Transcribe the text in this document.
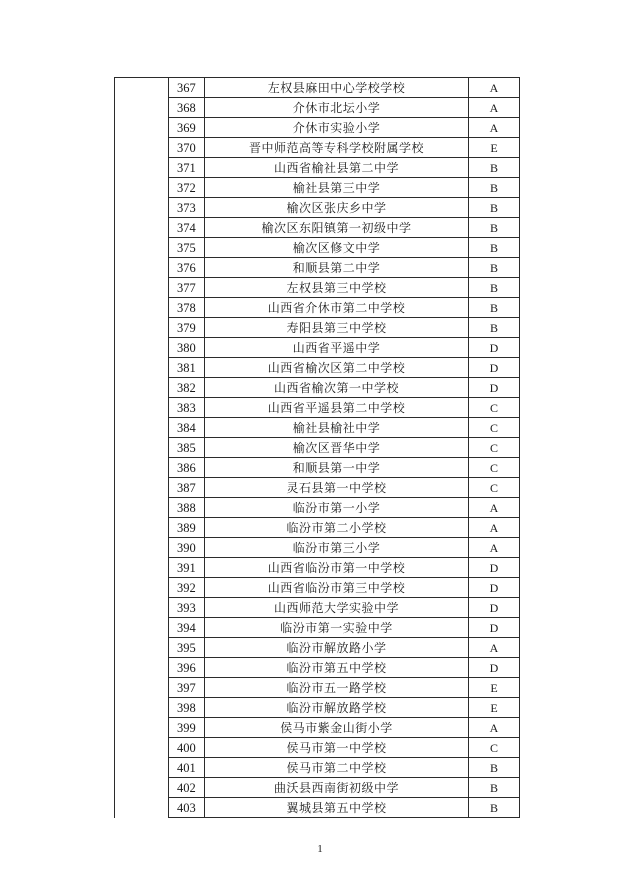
	367	左权县麻田中心学校学校	A
	368	介休市北坛小学	A
	369	介休市实验小学	A
	370	晋中师范高等专科学校附属学校	E
	371	山西省榆社县第二中学	B
	372	榆社县第三中学	B
	373	榆次区张庆乡中学	B
	374	榆次区东阳镇第一初级中学	B
	375	榆次区修文中学	B
	376	和顺县第二中学	B
	377	左权县第三中学校	B
	378	山西省介休市第二中学校	B
	379	寿阳县第三中学校	B
	380	山西省平遥中学	D
	381	山西省榆次区第二中学校	D
	382	山西省榆次第一中学校	D
	383	山西省平遥县第二中学校	C
	384	榆社县榆社中学	C
	385	榆次区晋华中学	C
	386	和顺县第一中学	C
	387	灵石县第一中学校	C
	388	临汾市第一小学	A
	389	临汾市第二小学校	A
	390	临汾市第三小学	A
	391	山西省临汾市第一中学校	D
	392	山西省临汾市第三中学校	D
	393	山西师范大学实验中学	D
	394	临汾市第一实验中学	D
	395	临汾市解放路小学	A
	396	临汾市第五中学校	D
	397	临汾市五一路学校	E
	398	临汾市解放路学校	E
	399	侯马市紫金山街小学	A
	400	侯马市第一中学校	C
	401	侯马市第二中学校	B
	402	曲沃县西南街初级中学	B
	403	翼城县第五中学校	B
1
